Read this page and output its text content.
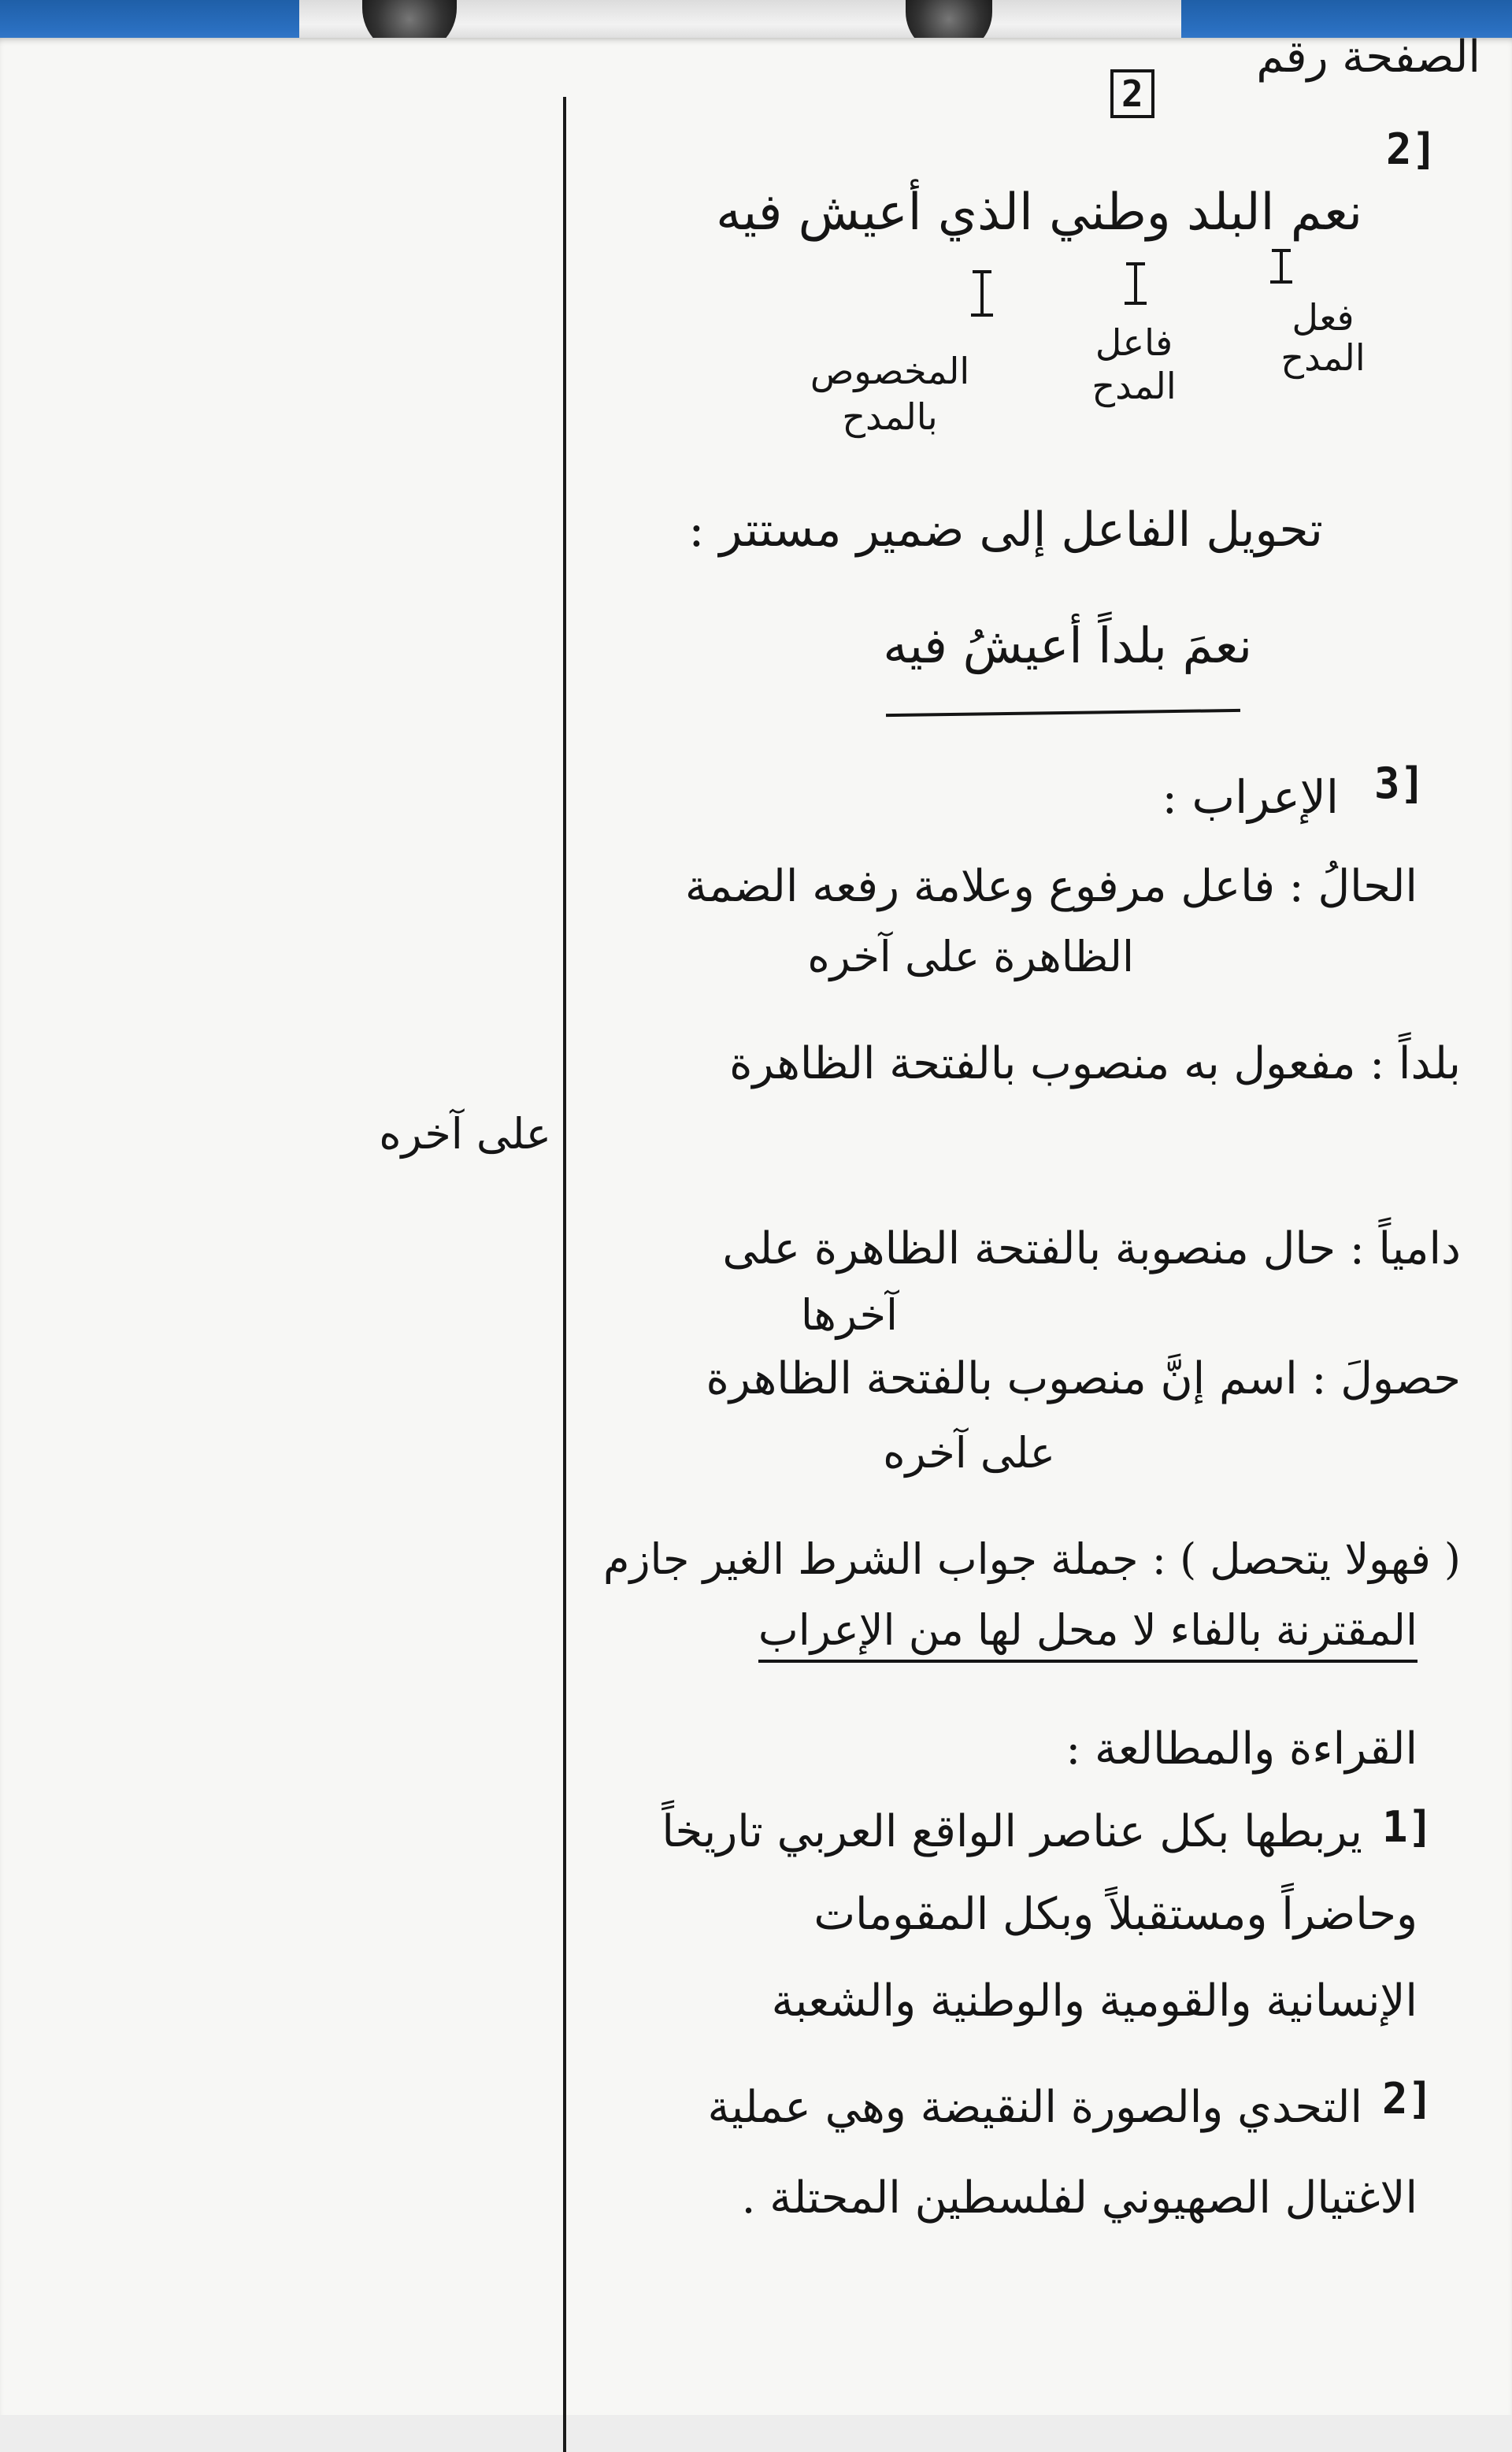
الصفحة رقم
2
2]
نعم البلد وطني الذي أعيش فيه
فعل المدح
فاعل المدح
المخصوص بالمدح
تحويل الفاعل إلى ضمير مستتر :
نعمَ بلداً أعيشُ فيه
3]
الإعراب :
الحالُ : فاعل مرفوع وعلامة رفعه الضمة
الظاهرة على آخره
بلداً : مفعول به منصوب بالفتحة الظاهرة
على آخره
دامياً : حال منصوبة بالفتحة الظاهرة على
آخرها
حصولَ : اسم إنَّ منصوب بالفتحة الظاهرة
على آخره
( فهولا يتحصل ) : جملة جواب الشرط الغير جازم
المقترنة بالفاء لا محل لها من الإعراب
القراءة والمطالعة :
1]
يربطها بكل عناصر الواقع العربي تاريخاً
وحاضراً ومستقبلاً وبكل المقومات
الإنسانية والقومية والوطنية والشعبة
2]
التحدي والصورة النقيضة وهي عملية
الاغتيال الصهيوني لفلسطين المحتلة .
